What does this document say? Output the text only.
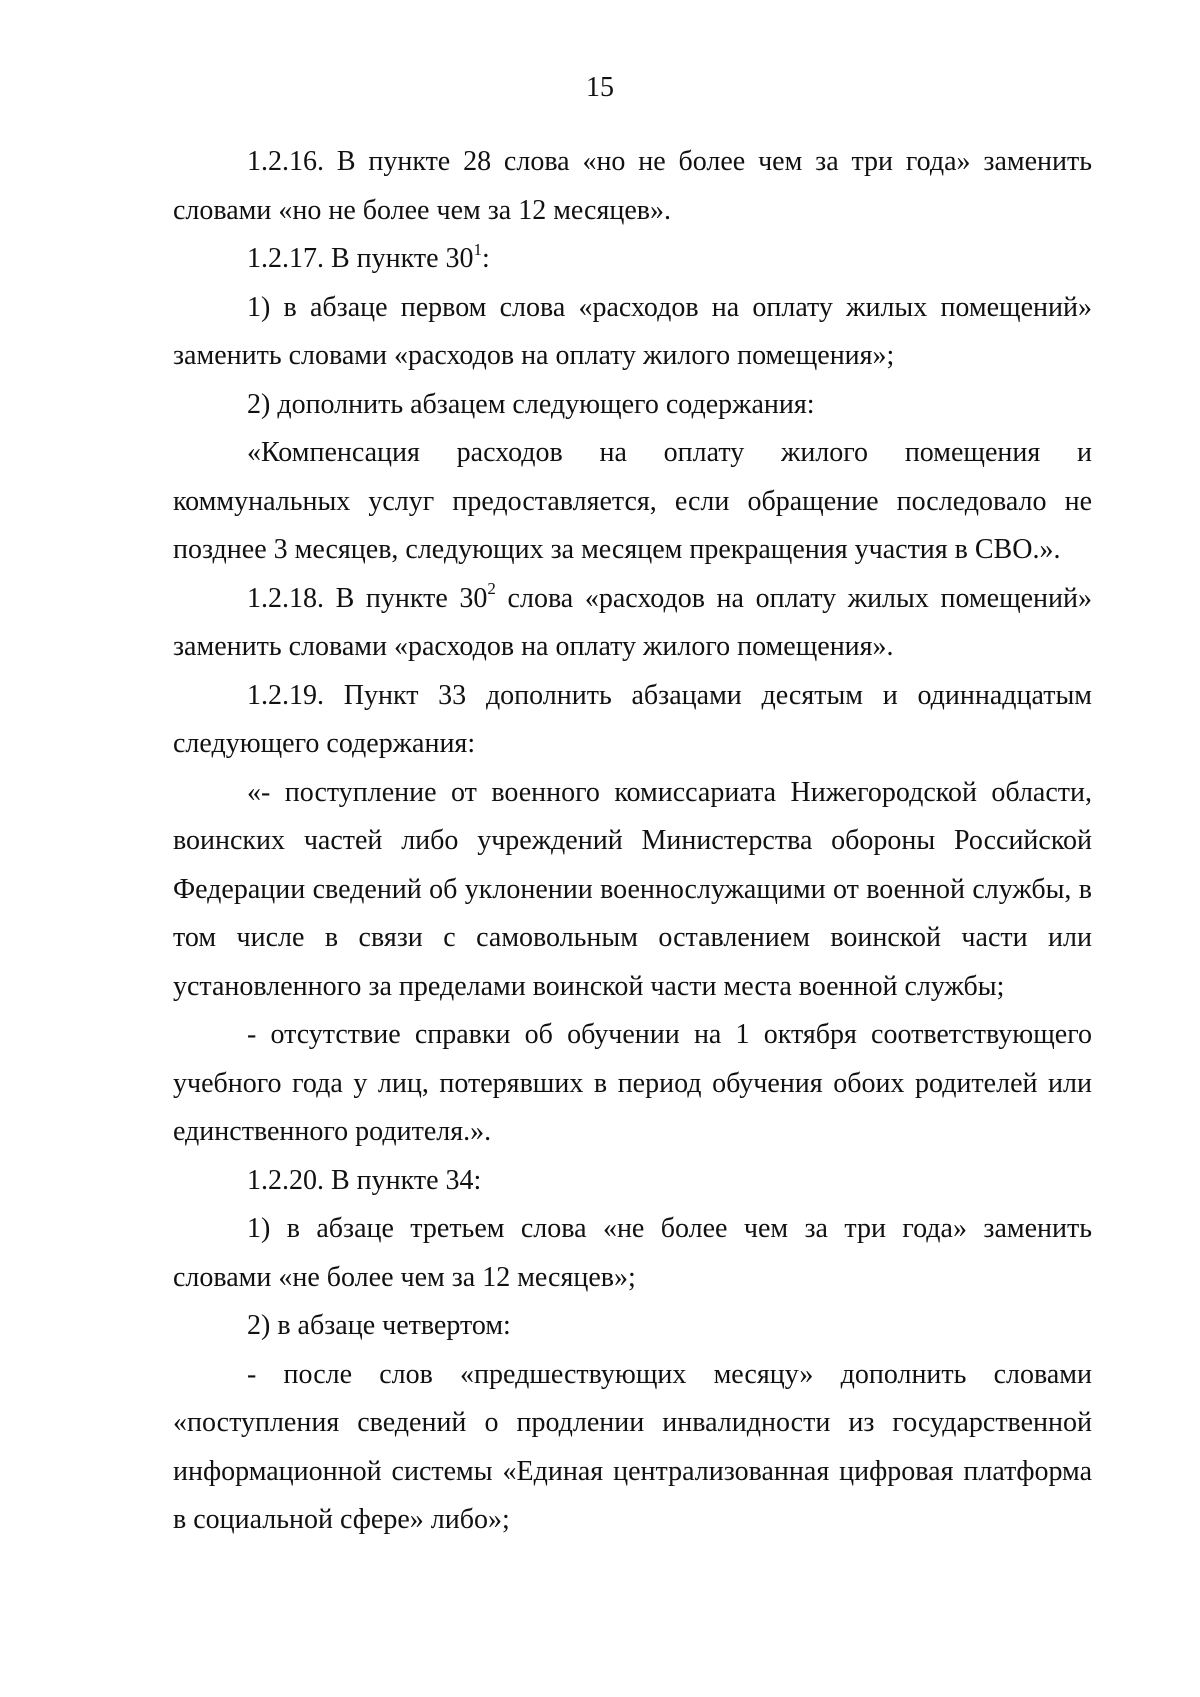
15

1.2.16. В пункте 28 слова «но не более чем за три года» заменить словами «но не более чем за 12 месяцев».

1.2.17. В пункте $30^1$:

1) в абзаце первом слова «расходов на оплату жилых помещений» заменить словами «расходов на оплату жилого помещения»;

2) дополнить абзацем следующего содержания:

«Компенсация расходов на оплату жилого помещения и коммунальных услуг предоставляется, если обращение последовало не позднее 3 месяцев, следующих за месяцем прекращения участия в СВО.».

1.2.18. В пункте $30^2$ слова «расходов на оплату жилых помещений» заменить словами «расходов на оплату жилого помещения».

1.2.19. Пункт 33 дополнить абзацами десятым и одиннадцатым следующего содержания:

«- поступление от военного комиссариата Нижегородской области, воинских частей либо учреждений Министерства обороны Российской Федерации сведений об уклонении военнослужащими от военной службы, в том числе в связи с самовольным оставлением воинской части или установленного за пределами воинской части места военной службы;

- отсутствие справки об обучении на 1 октября соответствующего учебного года у лиц, потерявших в период обучения обоих родителей или единственного родителя.».

1.2.20. В пункте 34:

1) в абзаце третьем слова «не более чем за три года» заменить словами «не более чем за 12 месяцев»;

2) в абзаце четвертом:

- после слов «предшествующих месяцу» дополнить словами «поступления сведений о продлении инвалидности из государственной информационной системы «Единая централизованная цифровая платформа в социальной сфере» либо»;
